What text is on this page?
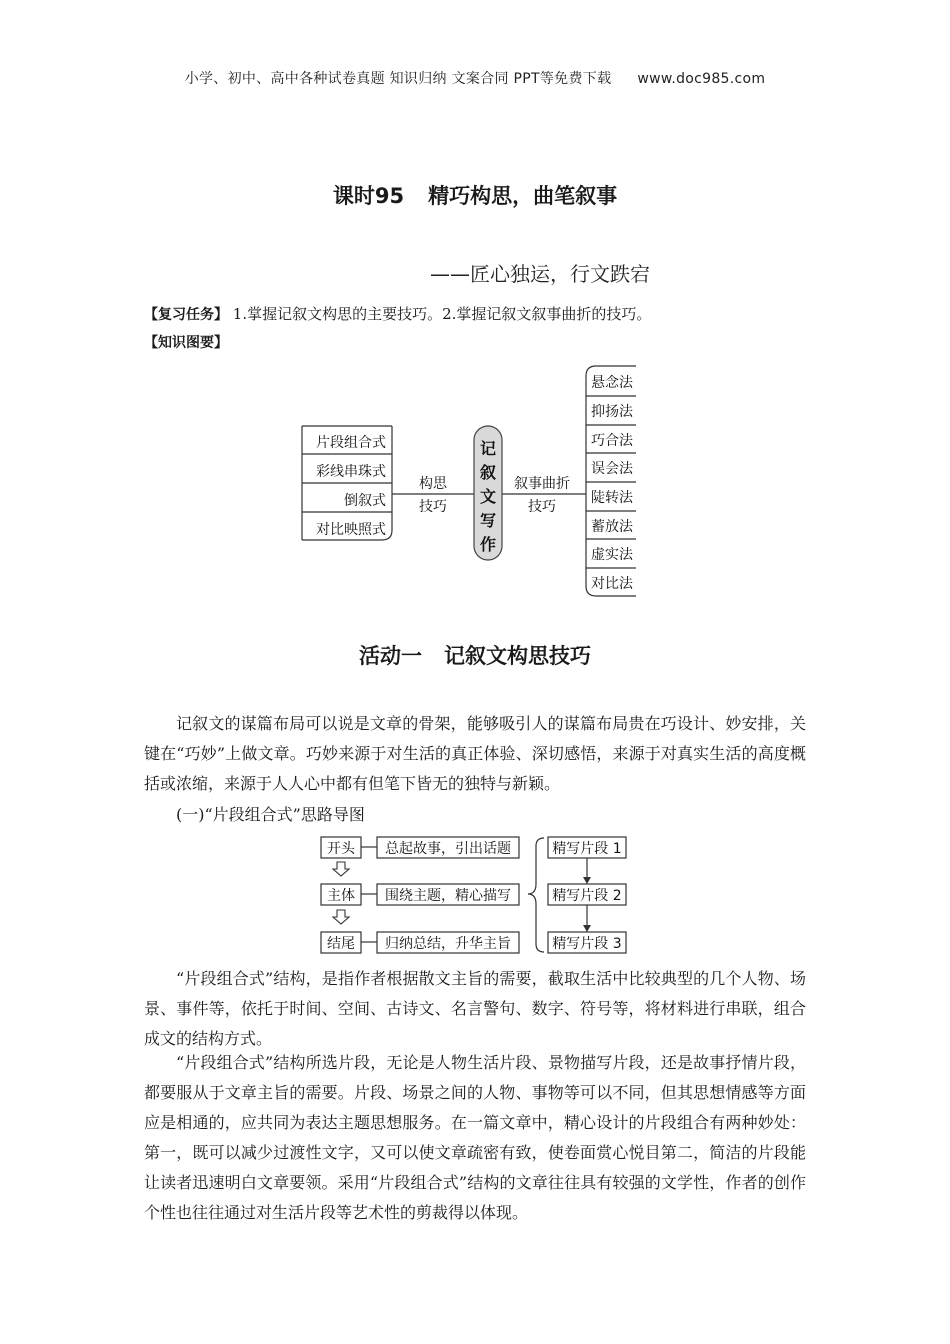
小学、初中、高中各种试卷真题 知识归纳 文案合同 PPT等免费下载 www.doc985.com
课时95 精巧构思，曲笔叙事
——匠心独运，行文跌宕
【复习任务】 1.掌握记叙文构思的主要技巧。2.掌握记叙文叙事曲折的技巧。
【知识图要】
记
叙
文
写
作
片段组合式
彩线串珠式
倒叙式
对比映照式
构思
技巧
叙事曲折
技巧
悬念法
抑扬法
巧合法
误会法
陡转法
蓄放法
虚实法
对比法
活动一 记叙文构思技巧
记叙文的谋篇布局可以说是文章的骨架，能够吸引人的谋篇布局贵在巧设计、妙安排，关键在“巧妙”上做文章。巧妙来源于对生活的真正体验、深切感悟，来源于对真实生活的高度概括或浓缩，来源于人人心中都有但笔下皆无的独特与新颖。
(一)“片段组合式”思路导图
开头
主体
结尾
总起故事，引出话题
围绕主题，精心描写
归纳总结，升华主旨
精写片段 1
精写片段 2
精写片段 3
“片段组合式”结构，是指作者根据散文主旨的需要，截取生活中比较典型的几个人物、场景、事件等，依托于时间、空间、古诗文、名言警句、数字、符号等，将材料进行串联，组合成文的结构方式。
“片段组合式”结构所选片段，无论是人物生活片段、景物描写片段，还是故事抒情片段，都要服从于文章主旨的需要。片段、场景之间的人物、事物等可以不同，但其思想情感等方面应是相通的，应共同为表达主题思想服务。在一篇文章中，精心设计的片段组合有两种妙处：第一，既可以减少过渡性文字，又可以使文章疏密有致，使卷面赏心悦目第二，简洁的片段能让读者迅速明白文章要领。采用“片段组合式”结构的文章往往具有较强的文学性，作者的创作个性也往往通过对生活片段等艺术性的剪裁得以体现。
